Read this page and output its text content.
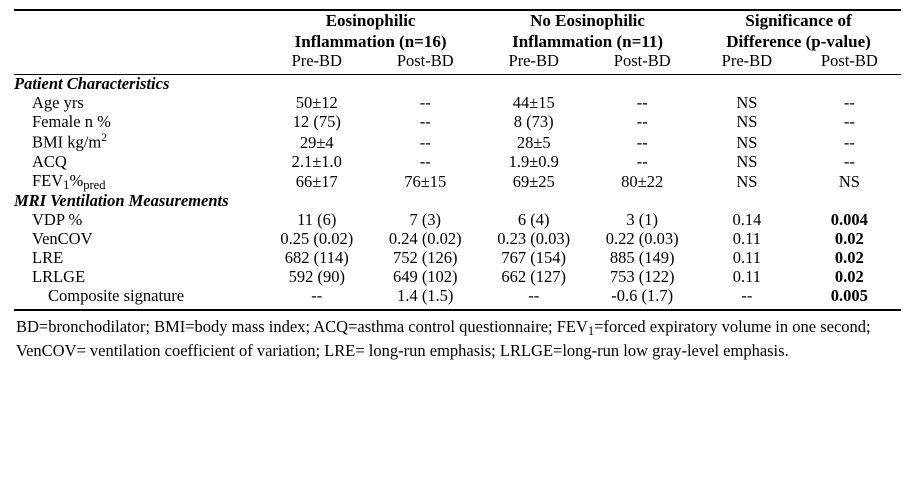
	Eosinophilic
Inflammation (n=16)		No Eosinophilic
Inflammation (n=11)		Significance of
Difference (p-value)	
	Pre-BD	Post-BD	Pre-BD	Post-BD	Pre-BD	Post-BD

Patient Characteristics						
Age yrs	50±12	--	44±15	--	NS	--
Female n %	12 (75)	--	8 (73)	--	NS	--
BMI $kg/m^2$	29±4	--	28±5	--	NS	--
ACQ	2.1±1.0	--	1.9±0.9	--	NS	--
FEV1%pred	66±17	76±15	69±25	80±22	NS	NS
MRI Ventilation Measurements						
VDP %	11 (6)	7 (3)	6 (4)	3 (1)	0.14	0.004
VenCOV	0.25 (0.02)	0.24 (0.02)	0.23 (0.03)	0.22 (0.03)	0.11	0.02
LRE	682 (114)	752 (126)	767 (154)	885 (149)	0.11	0.02
LRLGE	592 (90)	649 (102)	662 (127)	753 (122)	0.11	0.02
Composite signature	--	1.4 (1.5)	--	-0.6 (1.7)	--	0.005

BD=bronchodilator; BMI=body mass index; ACQ=asthma control questionnaire; FEV1=forced expiratory volume in one second; VenCOV= ventilation coefficient of variation; LRE= long-run emphasis; LRLGE=long-run low gray-level emphasis.
